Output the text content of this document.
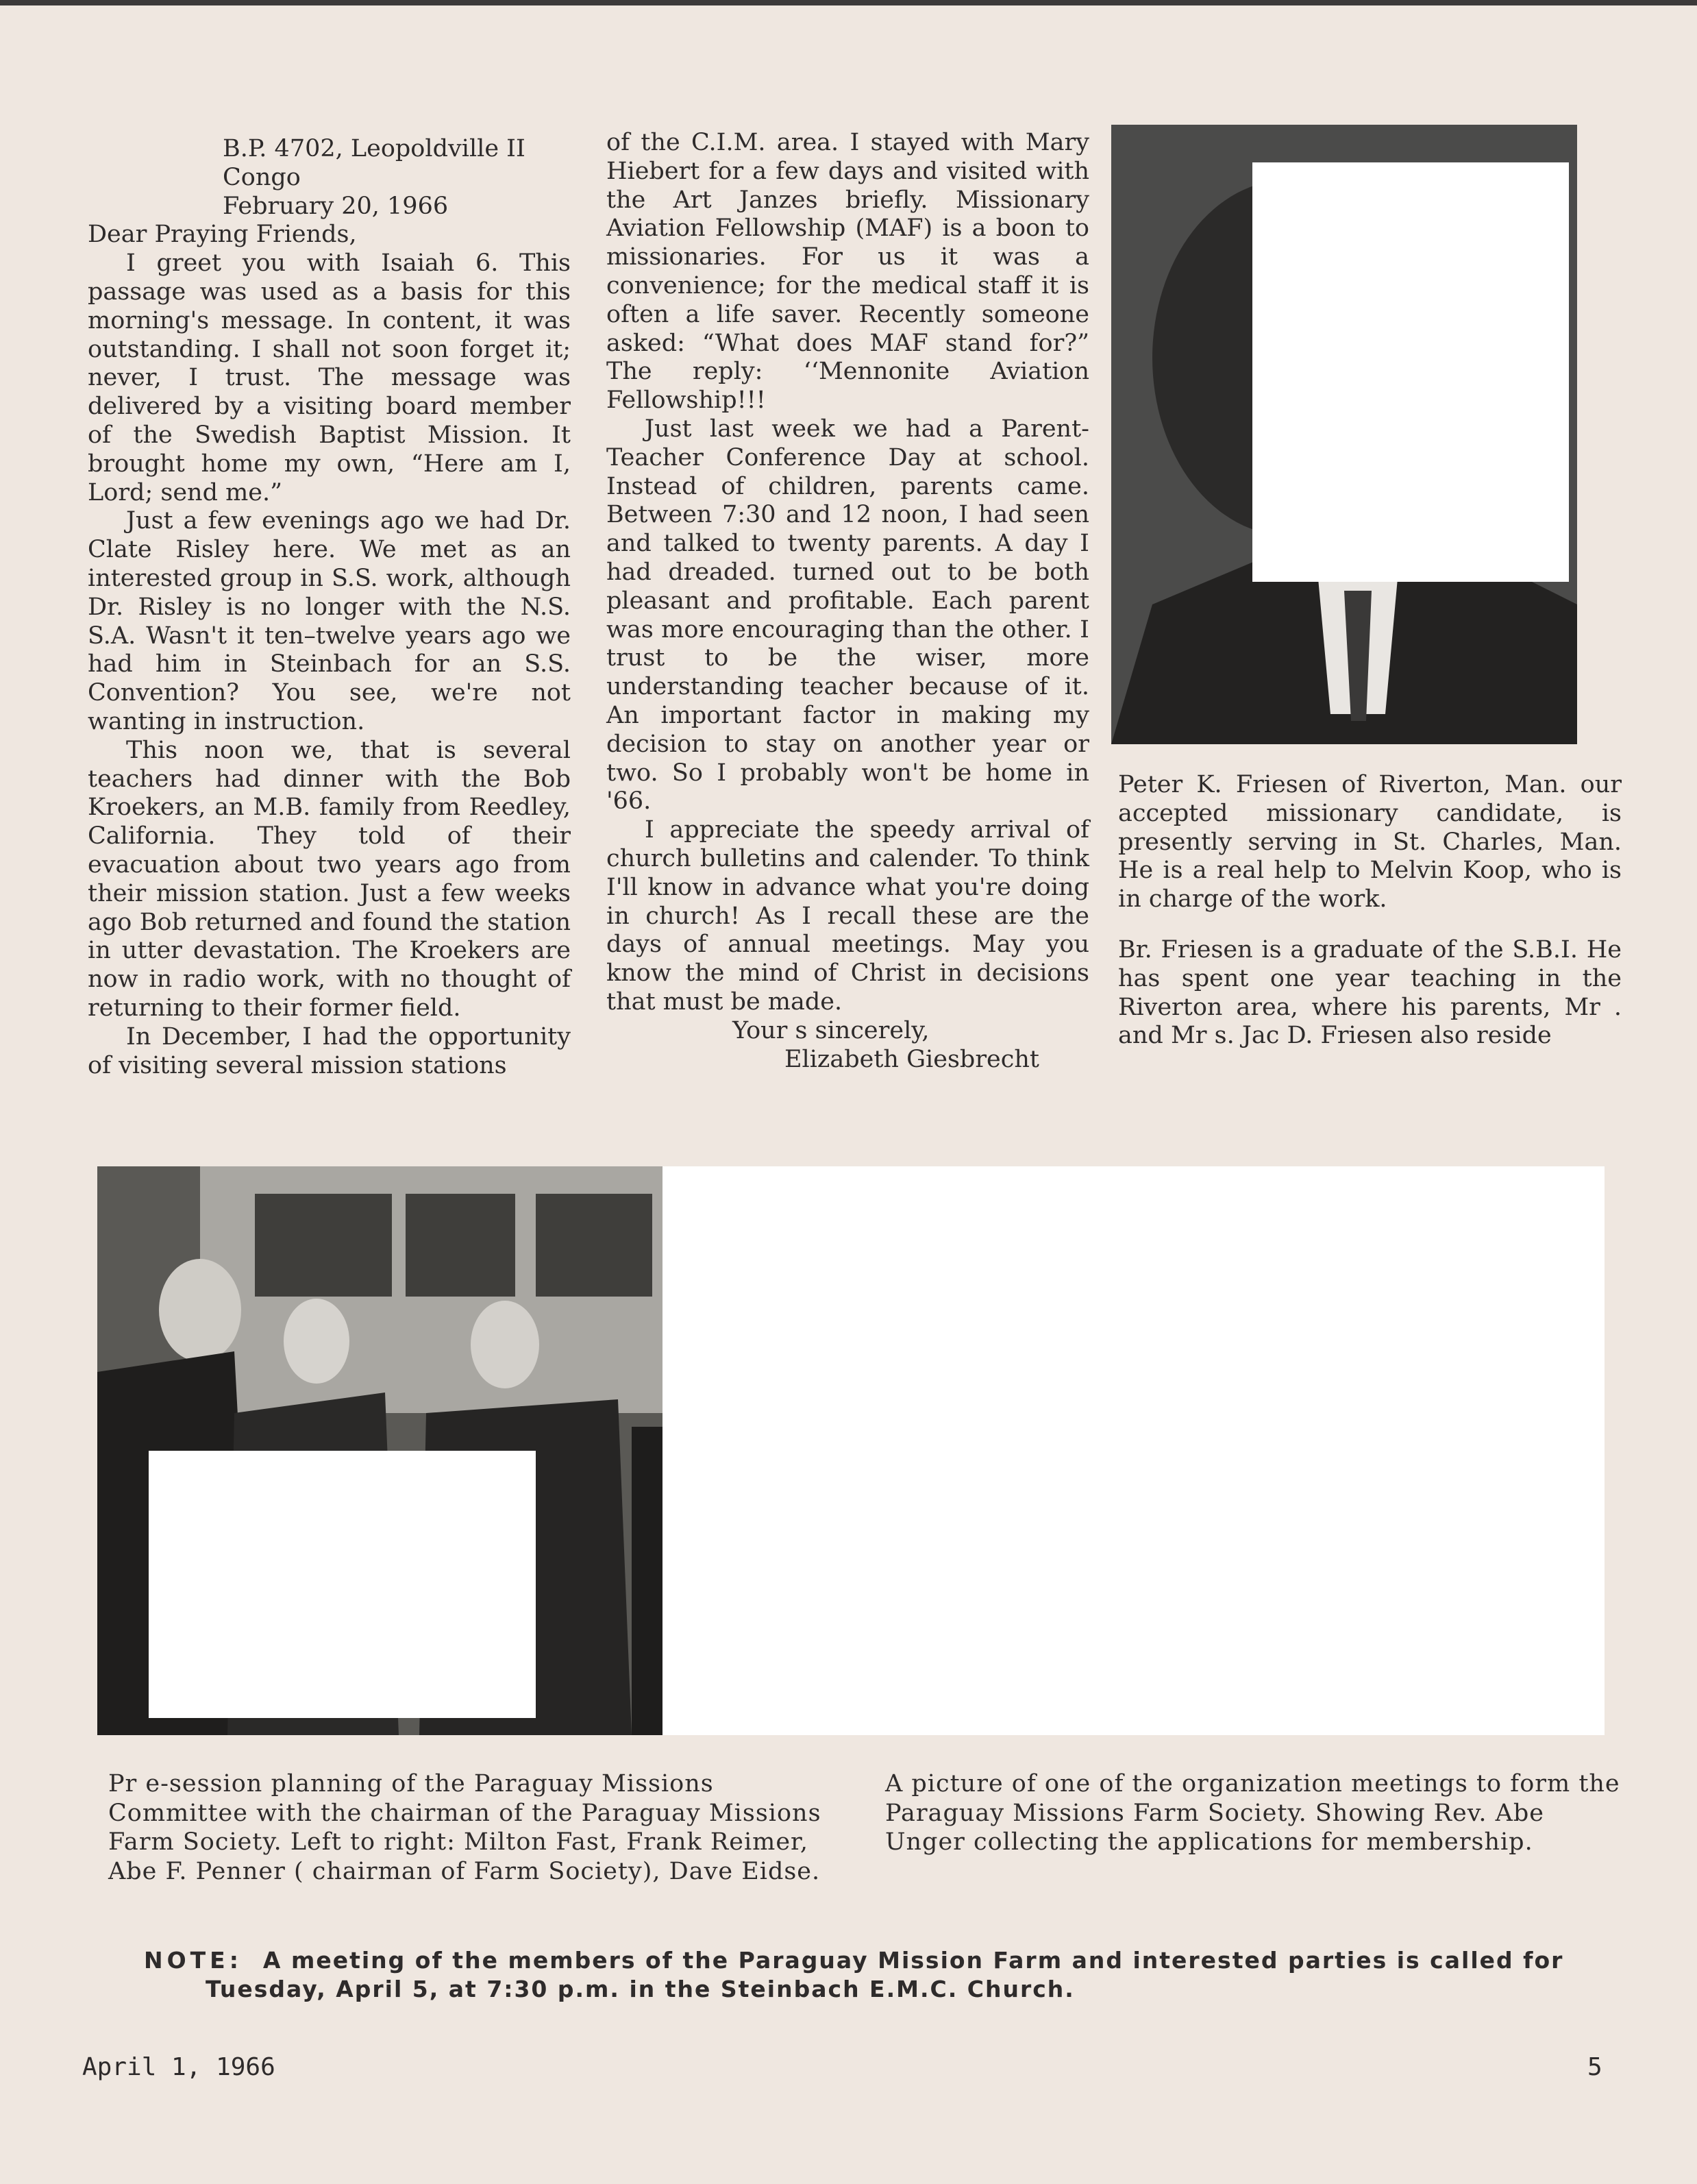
B.P. 4702, Leopoldville II
Congo
February 20, 1966

Dear Praying Friends,

I greet you with Isaiah 6. This passage was used as a basis for this morning's message. In content, it was outstanding. I shall not soon forget it; never, I trust. The message was delivered by a visiting board member of the Swedish Baptist Mission. It brought home my own, “Here am I, Lord; send me.”

Just a few evenings ago we had Dr. Clate Risley here. We met as an interested group in S.S. work, although Dr. Risley is no longer with the N.S. S.A. Wasn't it ten–twelve years ago we had him in Steinbach for an S.S. Convention? You see, we're not wanting in instruction.

This noon we, that is several teachers had dinner with the Bob Kroekers, an M.B. family from Reedley, California. They told of their evacuation about two years ago from their mission station. Just a few weeks ago Bob returned and found the station in utter devastation. The Kroekers are now in radio work, with no thought of returning to their former field.

In December, I had the opportunity of visiting several mission stations

of the C.I.M. area. I stayed with Mary Hiebert for a few days and visited with the Art Janzes briefly. Missionary Aviation Fellowship (MAF) is a boon to missionaries. For us it was a convenience; for the medical staff it is often a life saver. Recently someone asked: “What does MAF stand for?” The reply: ‘‘Mennonite Aviation Fellowship!!!

Just last week we had a Parent-Teacher Conference Day at school. Instead of children, parents came. Between 7:30 and 12 noon, I had seen and talked to twenty parents. A day I had dreaded. turned out to be both pleasant and profitable. Each parent was more encouraging than the other. I trust to be the wiser, more understanding teacher because of it. An important factor in making my decision to stay on another year or two. So I probably won't be home in '66.

I appreciate the speedy arrival of church bulletins and calender. To think I'll know in advance what you're doing in church! As I recall these are the days of annual meetings. May you know the mind of Christ in decisions that must be made.

Your s sincerely,
Elizabeth Giesbrecht

Peter K. Friesen of Riverton, Man. our accepted missionary candidate, is presently serving in St. Charles, Man. He is a real help to Melvin Koop, who is in charge of the work.

Br. Friesen is a graduate of the S.B.I. He has spent one year teaching in the Riverton area, where his parents, Mr . and Mr s. Jac D. Friesen also reside

Pr e-session planning of the Paraguay Missions Committee with the chairman of the Paraguay Missions Farm Society. Left to right: Milton Fast, Frank Reimer, Abe F. Penner ( chairman of Farm Society), Dave Eidse.
A picture of one of the organization meetings to form the Paraguay Missions Farm Society. Showing Rev. Abe Unger collecting the applications for membership.
NOTE: A meeting of the members of the Paraguay Mission Farm and interested parties is called for
Tuesday, April 5, at 7:30 p.m. in the Steinbach E.M.C. Church.
April 1, 1966	5
